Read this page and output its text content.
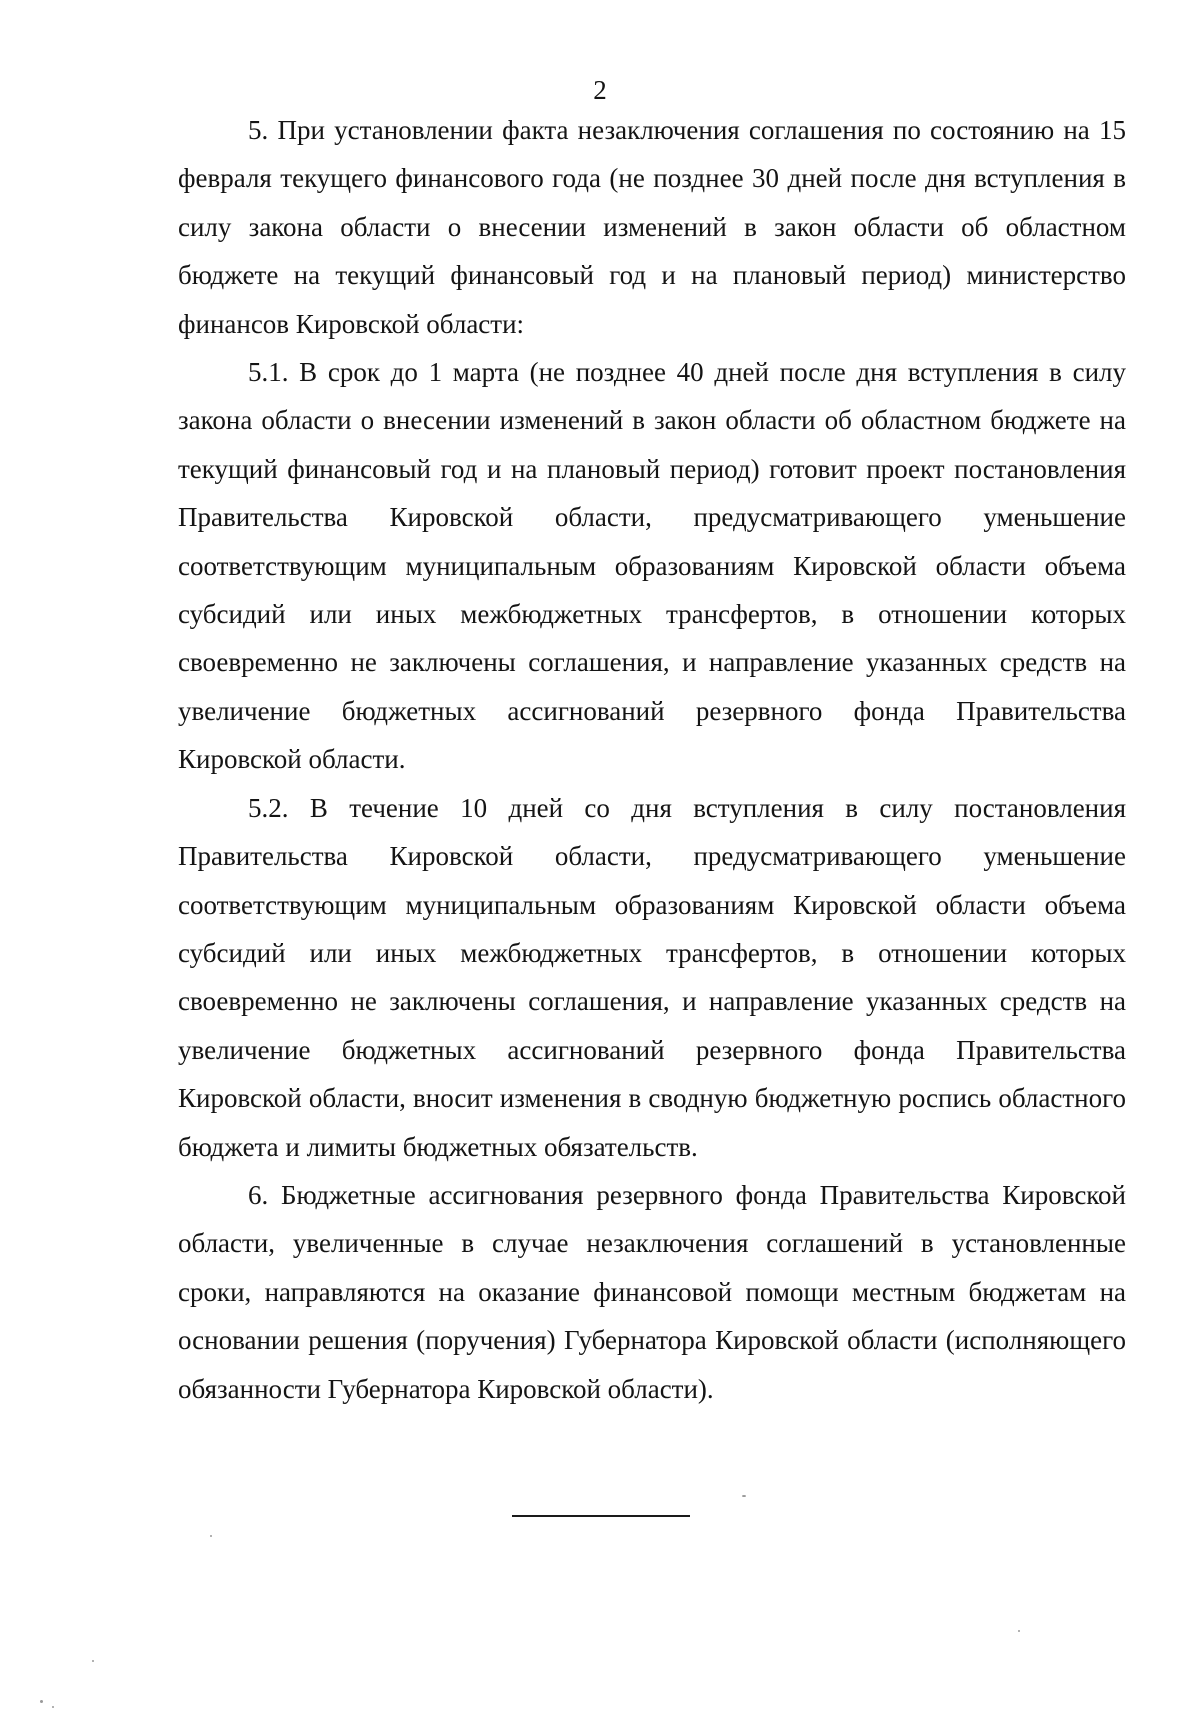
2

5. При установлении факта незаключения соглашения по состоянию на 15 февраля текущего финансового года (не позднее 30 дней после дня вступления в силу закона области о внесении изменений в закон области об областном бюджете на текущий финансовый год и на плановый период) министерство финансов Кировской области:

5.1. В срок до 1 марта (не позднее 40 дней после дня вступления в силу закона области о внесении изменений в закон области об областном бюджете на текущий финансовый год и на плановый период) готовит проект постановления Правительства Кировской области, предусматривающего уменьшение соответствующим муниципальным образованиям Кировской области объема субсидий или иных межбюджетных трансфертов, в отношении которых своевременно не заключены соглашения, и направление указанных средств на увеличение бюджетных ассигнований резервного фонда Правительства Кировской области.

5.2. В течение 10 дней со дня вступления в силу постановления Правительства Кировской области, предусматривающего уменьшение соответствующим муниципальным образованиям Кировской области объема субсидий или иных межбюджетных трансфертов, в отношении которых своевременно не заключены соглашения, и направление указанных средств на увеличение бюджетных ассигнований резервного фонда Правительства Кировской области, вносит изменения в сводную бюджетную роспись областного бюджета и лимиты бюджетных обязательств.

6. Бюджетные ассигнования резервного фонда Правительства Кировской области, увеличенные в случае незаключения соглашений в установленные сроки, направляются на оказание финансовой помощи местным бюджетам на основании решения (поручения) Губернатора Кировской области (исполняющего обязанности Губернатора Кировской области).
